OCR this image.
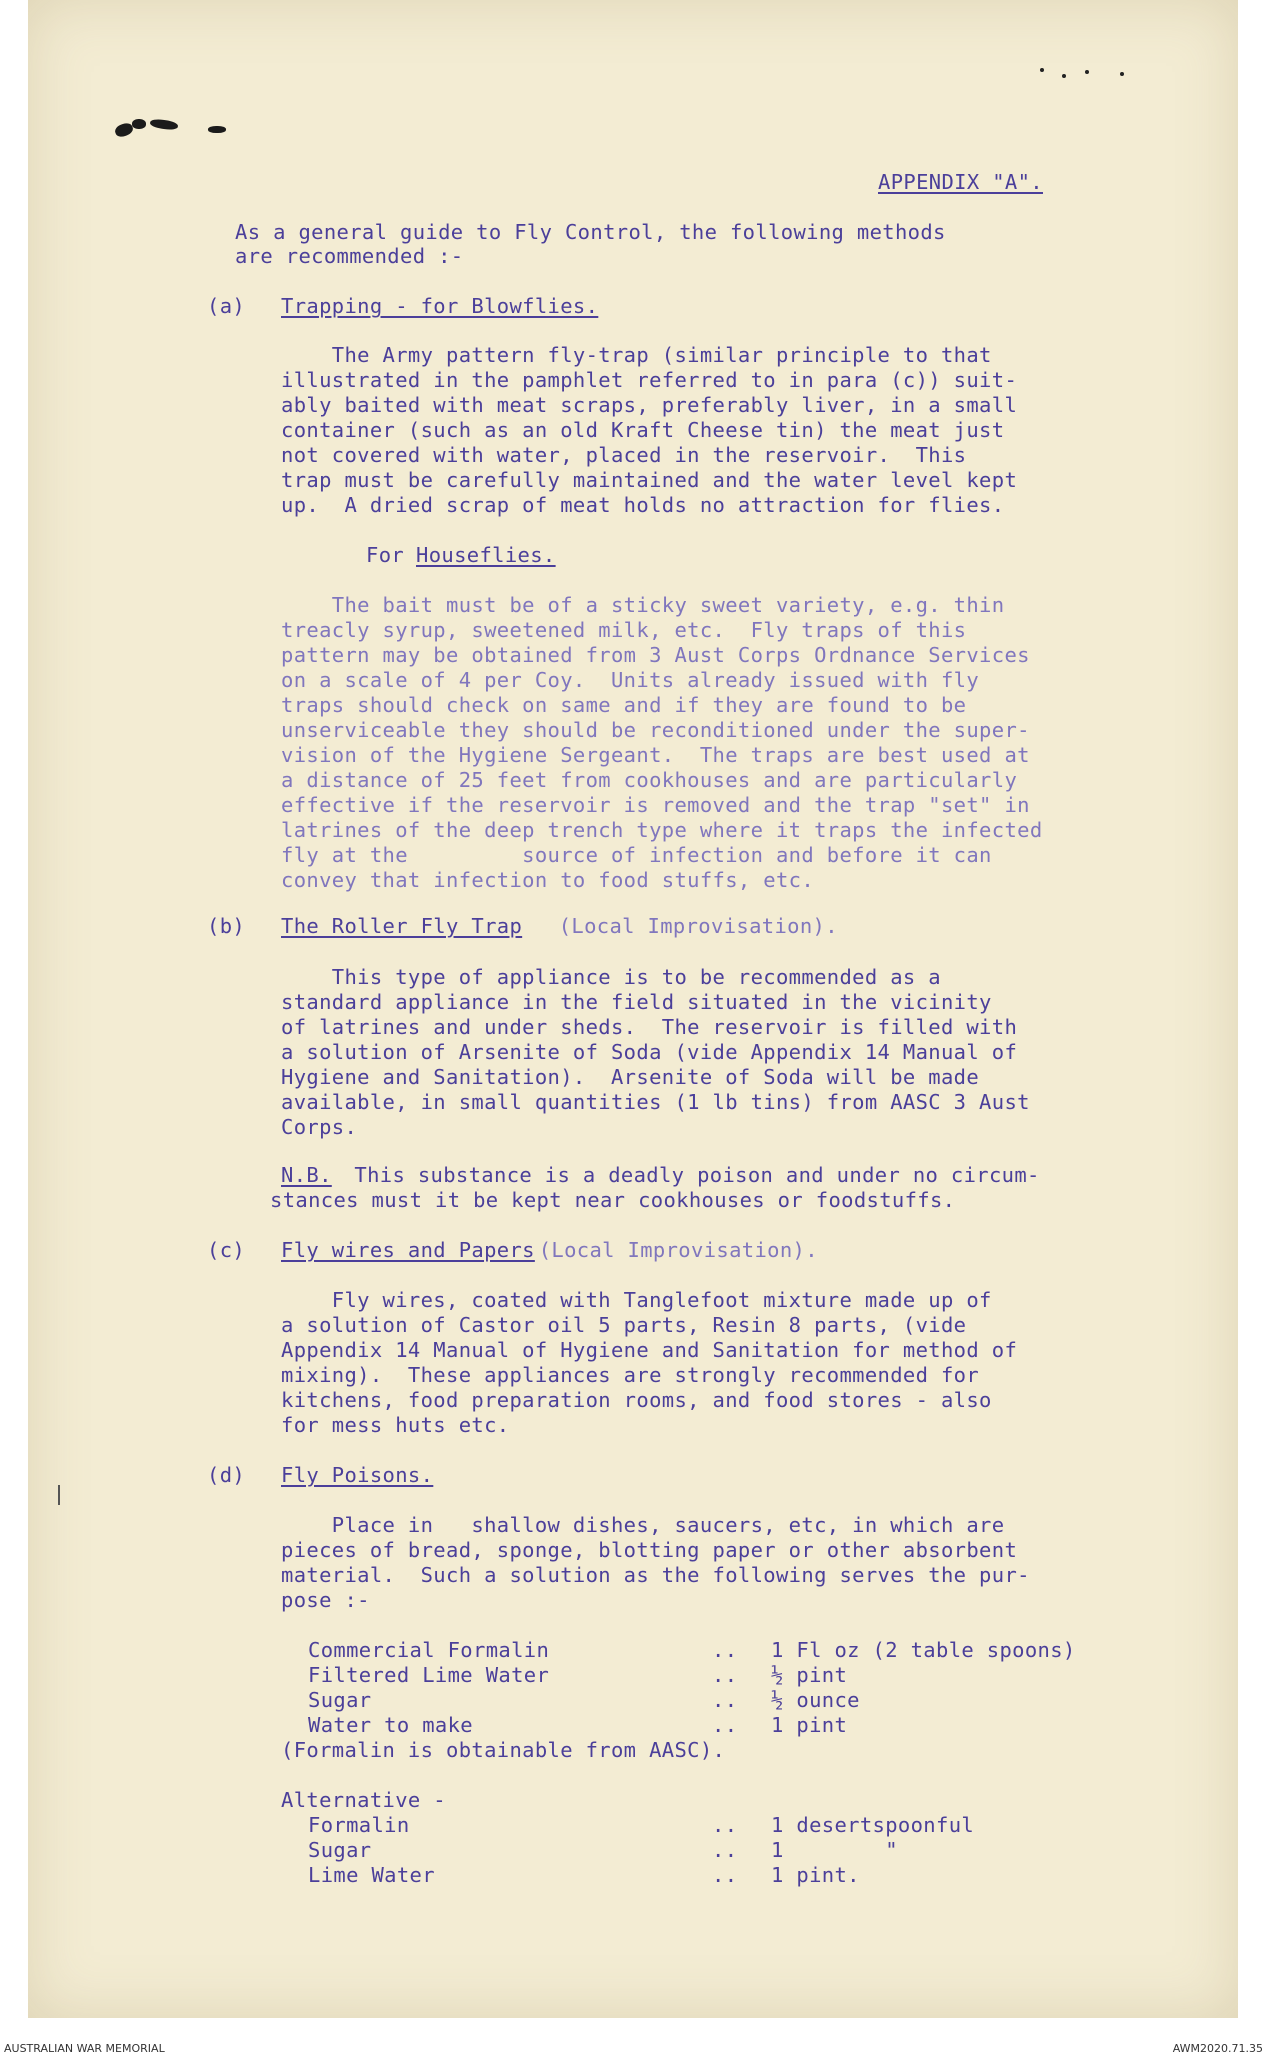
APPENDIX "A".
As a general guide to Fly Control, the following methods
are recommended :-
(a) Trapping - for Blowflies.
The Army pattern fly-trap (similar principle to that
illustrated in the pamphlet referred to in para (c)) suit-
ably baited with meat scraps, preferably liver, in a small
container (such as an old Kraft Cheese tin) the meat just
not covered with water, placed in the reservoir.  This
trap must be carefully maintained and the water level kept
up.  A dried scrap of meat holds no attraction for flies.
For Houseflies.
The bait must be of a sticky sweet variety, e.g. thin
treacly syrup, sweetened milk, etc.  Fly traps of this
pattern may be obtained from 3 Aust Corps Ordnance Services
on a scale of 4 per Coy.  Units already issued with fly
traps should check on same and if they are found to be
unserviceable they should be reconditioned under the super-
vision of the Hygiene Sergeant.  The traps are best used at
a distance of 25 feet from cookhouses and are particularly
effective if the reservoir is removed and the trap "set" in
latrines of the deep trench type where it traps the infected
fly at the         source of infection and before it can
convey that infection to food stuffs, etc.
(b) The Roller Fly Trap (Local Improvisation).
This type of appliance is to be recommended as a
standard appliance in the field situated in the vicinity
of latrines and under sheds.  The reservoir is filled with
a solution of Arsenite of Soda (vide Appendix 14 Manual of
Hygiene and Sanitation).  Arsenite of Soda will be made
available, in small quantities (1 lb tins) from AASC 3 Aust
Corps.
N.B.
This substance is a deadly poison and under no circum-
stances must it be kept near cookhouses or foodstuffs.
(c) Fly wires and Papers
(Local Improvisation).
Fly wires, coated with Tanglefoot mixture made up of
a solution of Castor oil 5 parts, Resin 8 parts, (vide
Appendix 14 Manual of Hygiene and Sanitation for method of
mixing).  These appliances are strongly recommended for
kitchens, food preparation rooms, and food stores - also
for mess huts etc.
(d) Fly Poisons.
Place in   shallow dishes, saucers, etc, in which are
pieces of bread, sponge, blotting paper or other absorbent
material.  Such a solution as the following serves the pur-
pose :-
Commercial Formalin	.. 1 Fl oz (2 table spoons)
Filtered Lime Water	.. ½ pint
Sugar	.. ½ ounce
Water to make	.. 1 pint
(Formalin is obtainable from AASC).
Alternative -
Formalin	.. 1 desertspoonful
Sugar	.. 1        "
Lime Water	.. 1 pint.
AUSTRALIAN WAR MEMORIAL	AWM2020.71.35
